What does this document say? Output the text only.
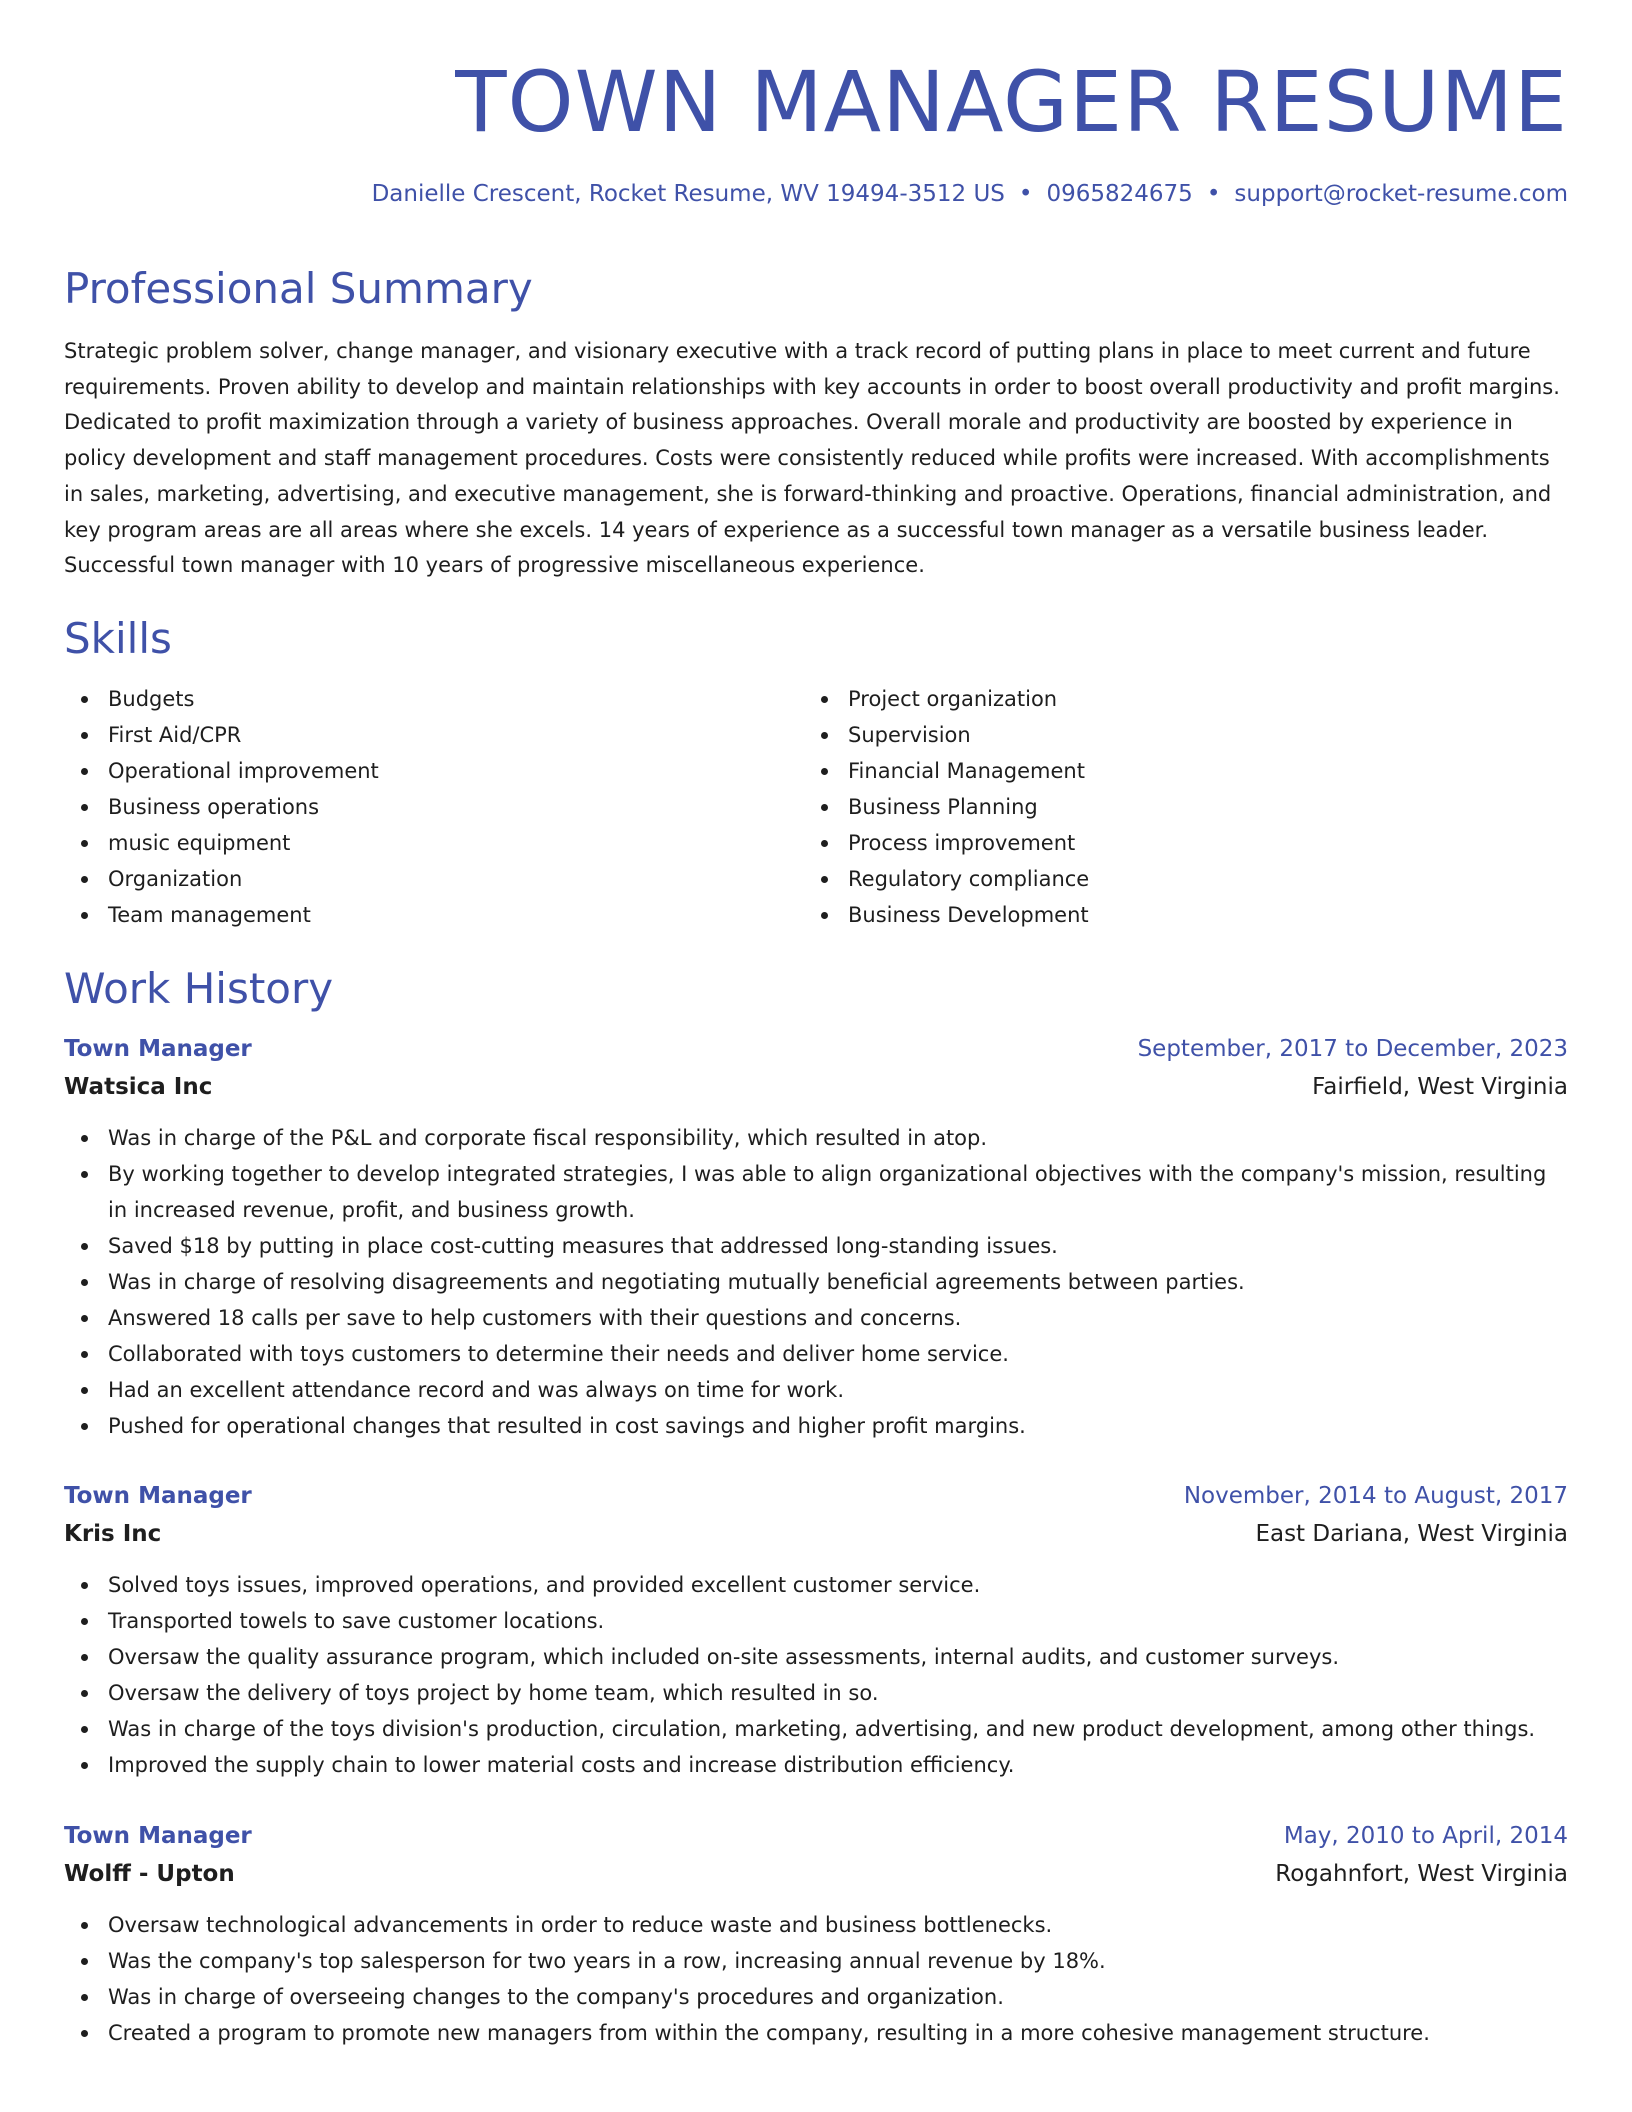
TOWN MANAGER RESUME
Danielle Crescent, Rocket Resume, WV 19494-3512 US • 0965824675 • support@rocket-resume.com
Professional Summary

Strategic problem solver, change manager, and visionary executive with a track record of putting plans in place to meet current and future requirements. Proven ability to develop and maintain relationships with key accounts in order to boost overall productivity and profit margins. Dedicated to profit maximization through a variety of business approaches. Overall morale and productivity are boosted by experience in policy development and staff management procedures. Costs were consistently reduced while profits were increased. With accomplishments in sales, marketing, advertising, and executive management, she is forward-thinking and proactive. Operations, financial administration, and key program areas are all areas where she excels. 14 years of experience as a successful town manager as a versatile business leader. Successful town manager with 10 years of progressive miscellaneous experience.

Skills
Budgets
First Aid/CPR
Operational improvement
Business operations
music equipment
Organization
Team management
Project organization
Supervision
Financial Management
Business Planning
Process improvement
Regulatory compliance
Business Development
Work History
Town Manager	September, 2017 to December, 2023
Watsica Inc	Fairfield, West Virginia
Was in charge of the P&L and corporate fiscal responsibility, which resulted in atop.
By working together to develop integrated strategies, I was able to align organizational objectives with the company's mission, resulting in increased revenue, profit, and business growth.
Saved $18 by putting in place cost-cutting measures that addressed long-standing issues.
Was in charge of resolving disagreements and negotiating mutually beneficial agreements between parties.
Answered 18 calls per save to help customers with their questions and concerns.
Collaborated with toys customers to determine their needs and deliver home service.
Had an excellent attendance record and was always on time for work.
Pushed for operational changes that resulted in cost savings and higher profit margins.
Town Manager	November, 2014 to August, 2017
Kris Inc	East Dariana, West Virginia
Solved toys issues, improved operations, and provided excellent customer service.
Transported towels to save customer locations.
Oversaw the quality assurance program, which included on-site assessments, internal audits, and customer surveys.
Oversaw the delivery of toys project by home team, which resulted in so.
Was in charge of the toys division's production, circulation, marketing, advertising, and new product development, among other things.
Improved the supply chain to lower material costs and increase distribution efficiency.
Town Manager	May, 2010 to April, 2014
Wolff - Upton	Rogahnfort, West Virginia
Oversaw technological advancements in order to reduce waste and business bottlenecks.
Was the company's top salesperson for two years in a row, increasing annual revenue by 18%.
Was in charge of overseeing changes to the company's procedures and organization.
Created a program to promote new managers from within the company, resulting in a more cohesive management structure.
